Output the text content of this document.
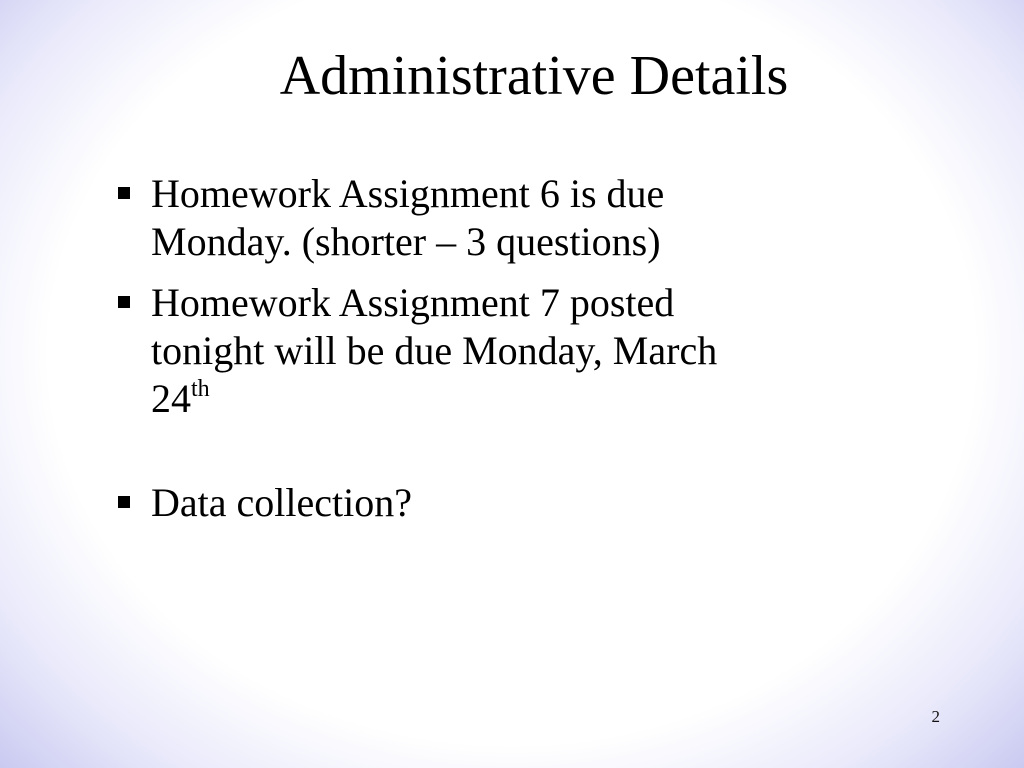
Administrative Details
Homework Assignment 6 is due
Monday. (shorter – 3 questions)
Homework Assignment 7 posted
tonight will be due Monday, March
24th
Data collection?
2
